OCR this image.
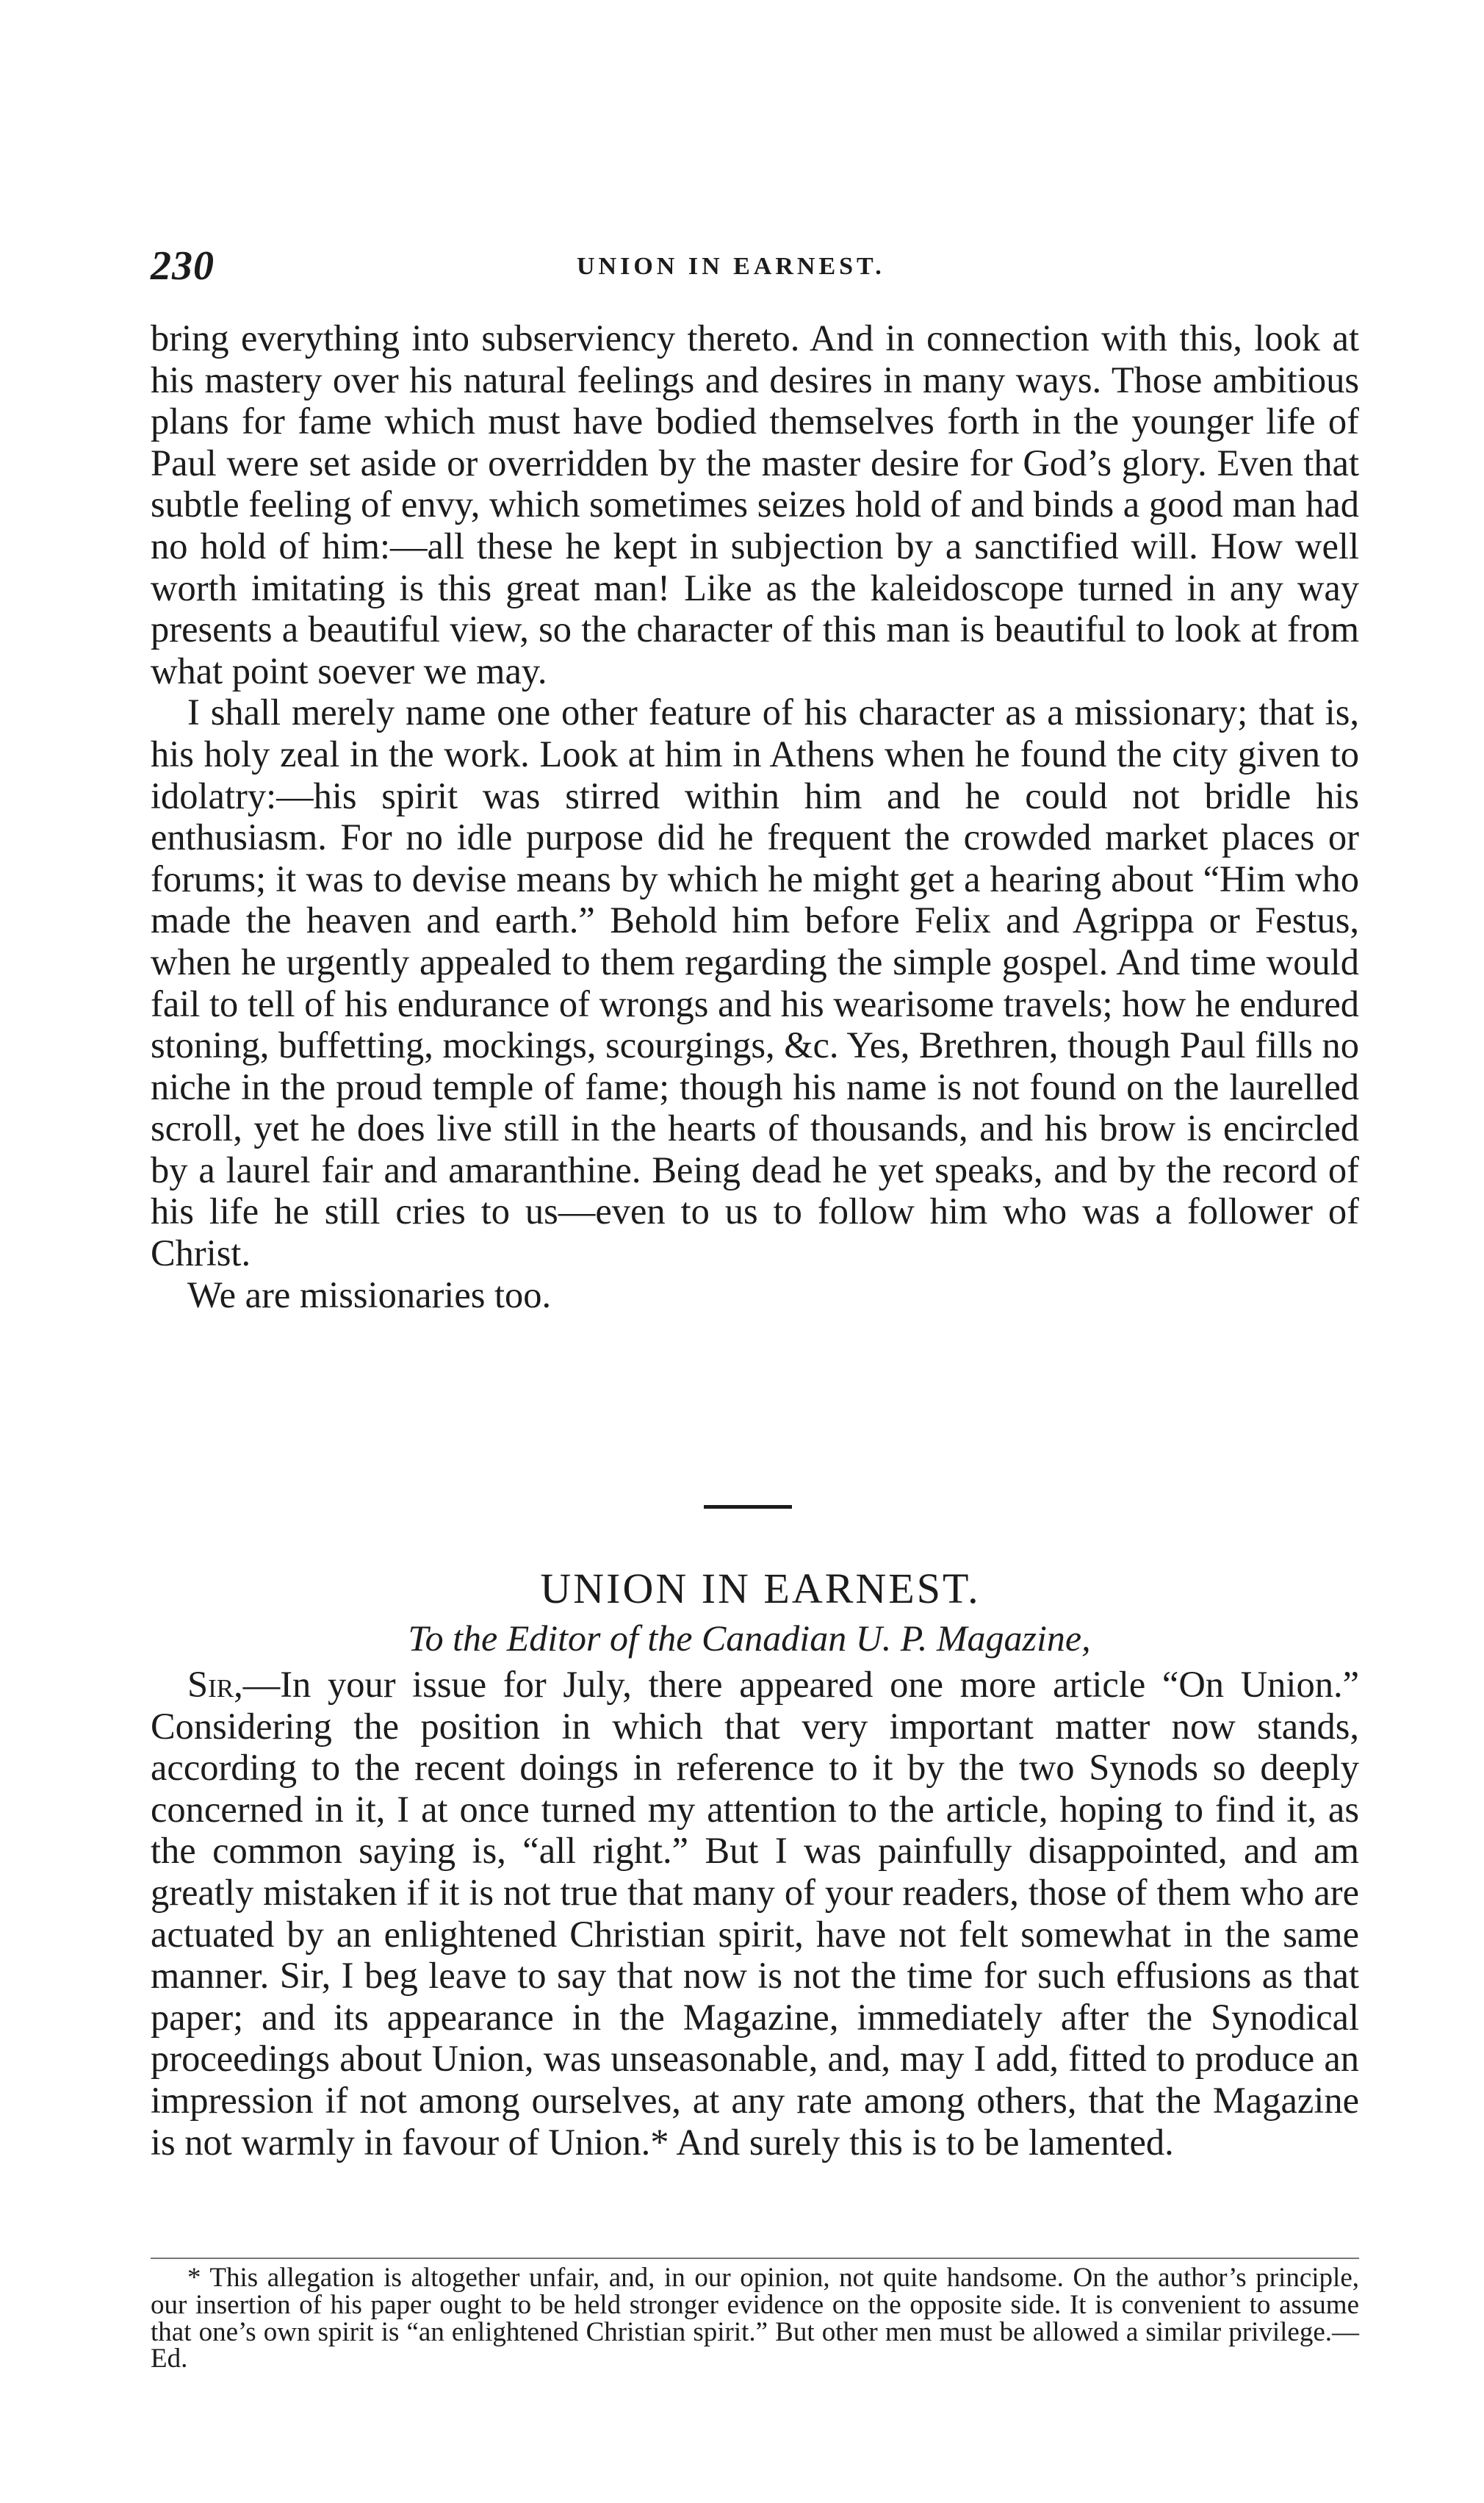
230	UNION IN EARNEST.

bring everything into subserviency thereto. And in connection with this, look at his mastery over his natural feelings and desires in many ways. Those ambitious plans for fame which must have bodied themselves forth in the younger life of Paul were set aside or overridden by the master desire for God’s glory. Even that subtle feeling of envy, which sometimes seizes hold of and binds a good man had no hold of him:—all these he kept in subjection by a sanctified will. How well worth imitating is this great man! Like as the kaleidoscope turned in any way presents a beautiful view, so the character of this man is beautiful to look at from what point soever we may.

I shall merely name one other feature of his character as a missionary; that is, his holy zeal in the work. Look at him in Athens when he found the city given to idolatry:—his spirit was stirred within him and he could not bridle his enthusiasm. For no idle purpose did he frequent the crowded market places or forums; it was to devise means by which he might get a hearing about “Him who made the heaven and earth.” Behold him before Felix and Agrippa or Festus, when he urgently appealed to them regarding the simple gospel. And time would fail to tell of his endurance of wrongs and his wearisome travels; how he endured stoning, buffetting, mockings, scourgings, &c. Yes, Brethren, though Paul fills no niche in the proud temple of fame; though his name is not found on the laurelled scroll, yet he does live still in the hearts of thousands, and his brow is encircled by a laurel fair and amaranthine. Being dead he yet speaks, and by the record of his life he still cries to us—even to us to follow him who was a follower of Christ.

We are missionaries too.

UNION IN EARNEST.
To the Editor of the Canadian U. P. Magazine,

Sir,—In your issue for July, there appeared one more article “On Union.” Considering the position in which that very important matter now stands, according to the recent doings in reference to it by the two Synods so deeply concerned in it, I at once turned my attention to the article, hoping to find it, as the common saying is, “all right.” But I was painfully disappointed, and am greatly mistaken if it is not true that many of your readers, those of them who are actuated by an enlightened Christian spirit, have not felt somewhat in the same manner. Sir, I beg leave to say that now is not the time for such effusions as that paper; and its appearance in the Magazine, immediately after the Synodical proceedings about Union, was unseasonable, and, may I add, fitted to produce an impression if not among ourselves, at any rate among others, that the Magazine is not warmly in favour of Union.* And surely this is to be lamented.

* This allegation is altogether unfair, and, in our opinion, not quite handsome. On the author’s principle, our insertion of his paper ought to be held stronger evidence on the opposite side. It is convenient to assume that one’s own spirit is “an enlightened Christian spirit.” But other men must be allowed a similar privilege.—Ed.
